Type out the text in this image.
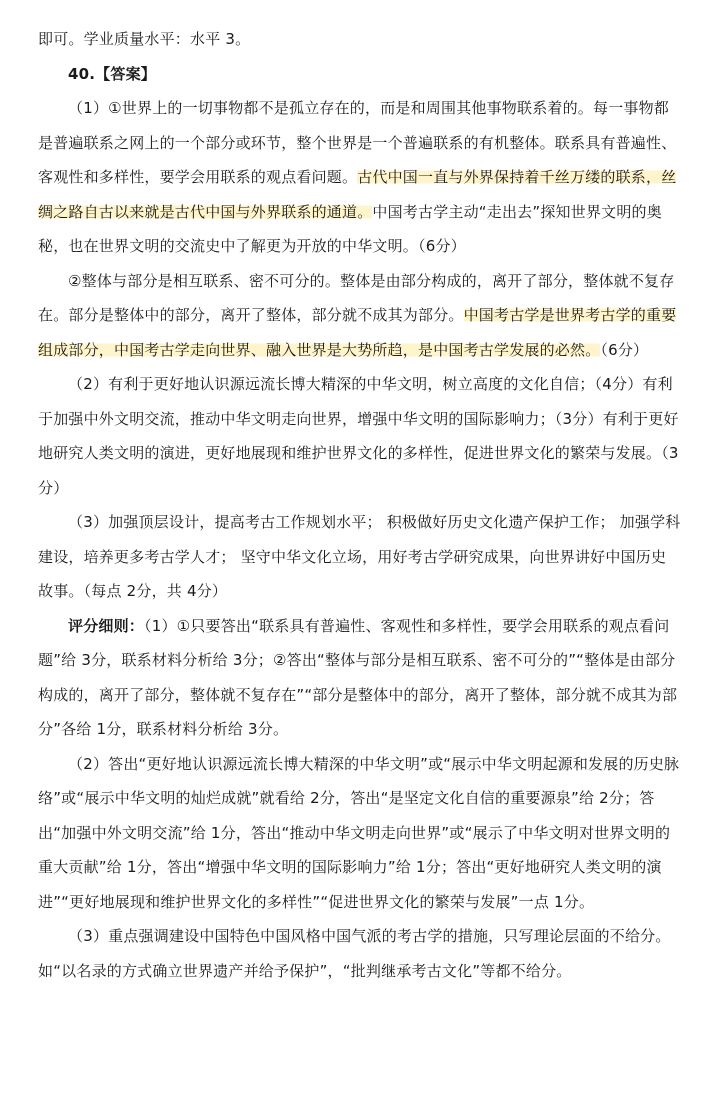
即可。学业质量水平：水平 3。

40.【答案】

（1）①世界上的一切事物都不是孤立存在的，而是和周围其他事物联系着的。每一事物都是普遍联系之网上的一个部分或环节，整个世界是一个普遍联系的有机整体。联系具有普遍性、客观性和多样性，要学会用联系的观点看问题。古代中国一直与外界保持着千丝万缕的联系，丝绸之路自古以来就是古代中国与外界联系的通道。中国考古学主动“走出去”探知世界文明的奥秘，也在世界文明的交流史中了解更为开放的中华文明。（6分）

②整体与部分是相互联系、密不可分的。整体是由部分构成的，离开了部分，整体就不复存在。部分是整体中的部分，离开了整体，部分就不成其为部分。中国考古学是世界考古学的重要组成部分，中国考古学走向世界、融入世界是大势所趋，是中国考古学发展的必然。（6分）

（2）有利于更好地认识源远流长博大精深的中华文明，树立高度的文化自信；（4分）有利于加强中外文明交流，推动中华文明走向世界，增强中华文明的国际影响力；（3分）有利于更好地研究人类文明的演进，更好地展现和维护世界文化的多样性，促进世界文化的繁荣与发展。（3分）

（3）加强顶层设计，提高考古工作规划水平； 积极做好历史文化遗产保护工作； 加强学科建设，培养更多考古学人才； 坚守中华文化立场，用好考古学研究成果，向世界讲好中国历史故事。（每点 2分，共 4分）

评分细则：（1）①只要答出“联系具有普遍性、客观性和多样性，要学会用联系的观点看问题”给 3分，联系材料分析给 3分；②答出“整体与部分是相互联系、密不可分的”“整体是由部分构成的，离开了部分，整体就不复存在”“部分是整体中的部分，离开了整体，部分就不成其为部分”各给 1分，联系材料分析给 3分。

（2）答出“更好地认识源远流长博大精深的中华文明”或“展示中华文明起源和发展的历史脉络”或“展示中华文明的灿烂成就”就看给 2分，答出“是坚定文化自信的重要源泉”给 2分；答出“加强中外文明交流”给 1分，答出“推动中华文明走向世界”或“展示了中华文明对世界文明的重大贡献”给 1分，答出“增强中华文明的国际影响力”给 1分；答出“更好地研究人类文明的演进”“更好地展现和维护世界文化的多样性”“促进世界文化的繁荣与发展”一点 1分。

（3）重点强调建设中国特色中国风格中国气派的考古学的措施，只写理论层面的不给分。如“以名录的方式确立世界遗产并给予保护”，“批判继承考古文化”等都不给分。
